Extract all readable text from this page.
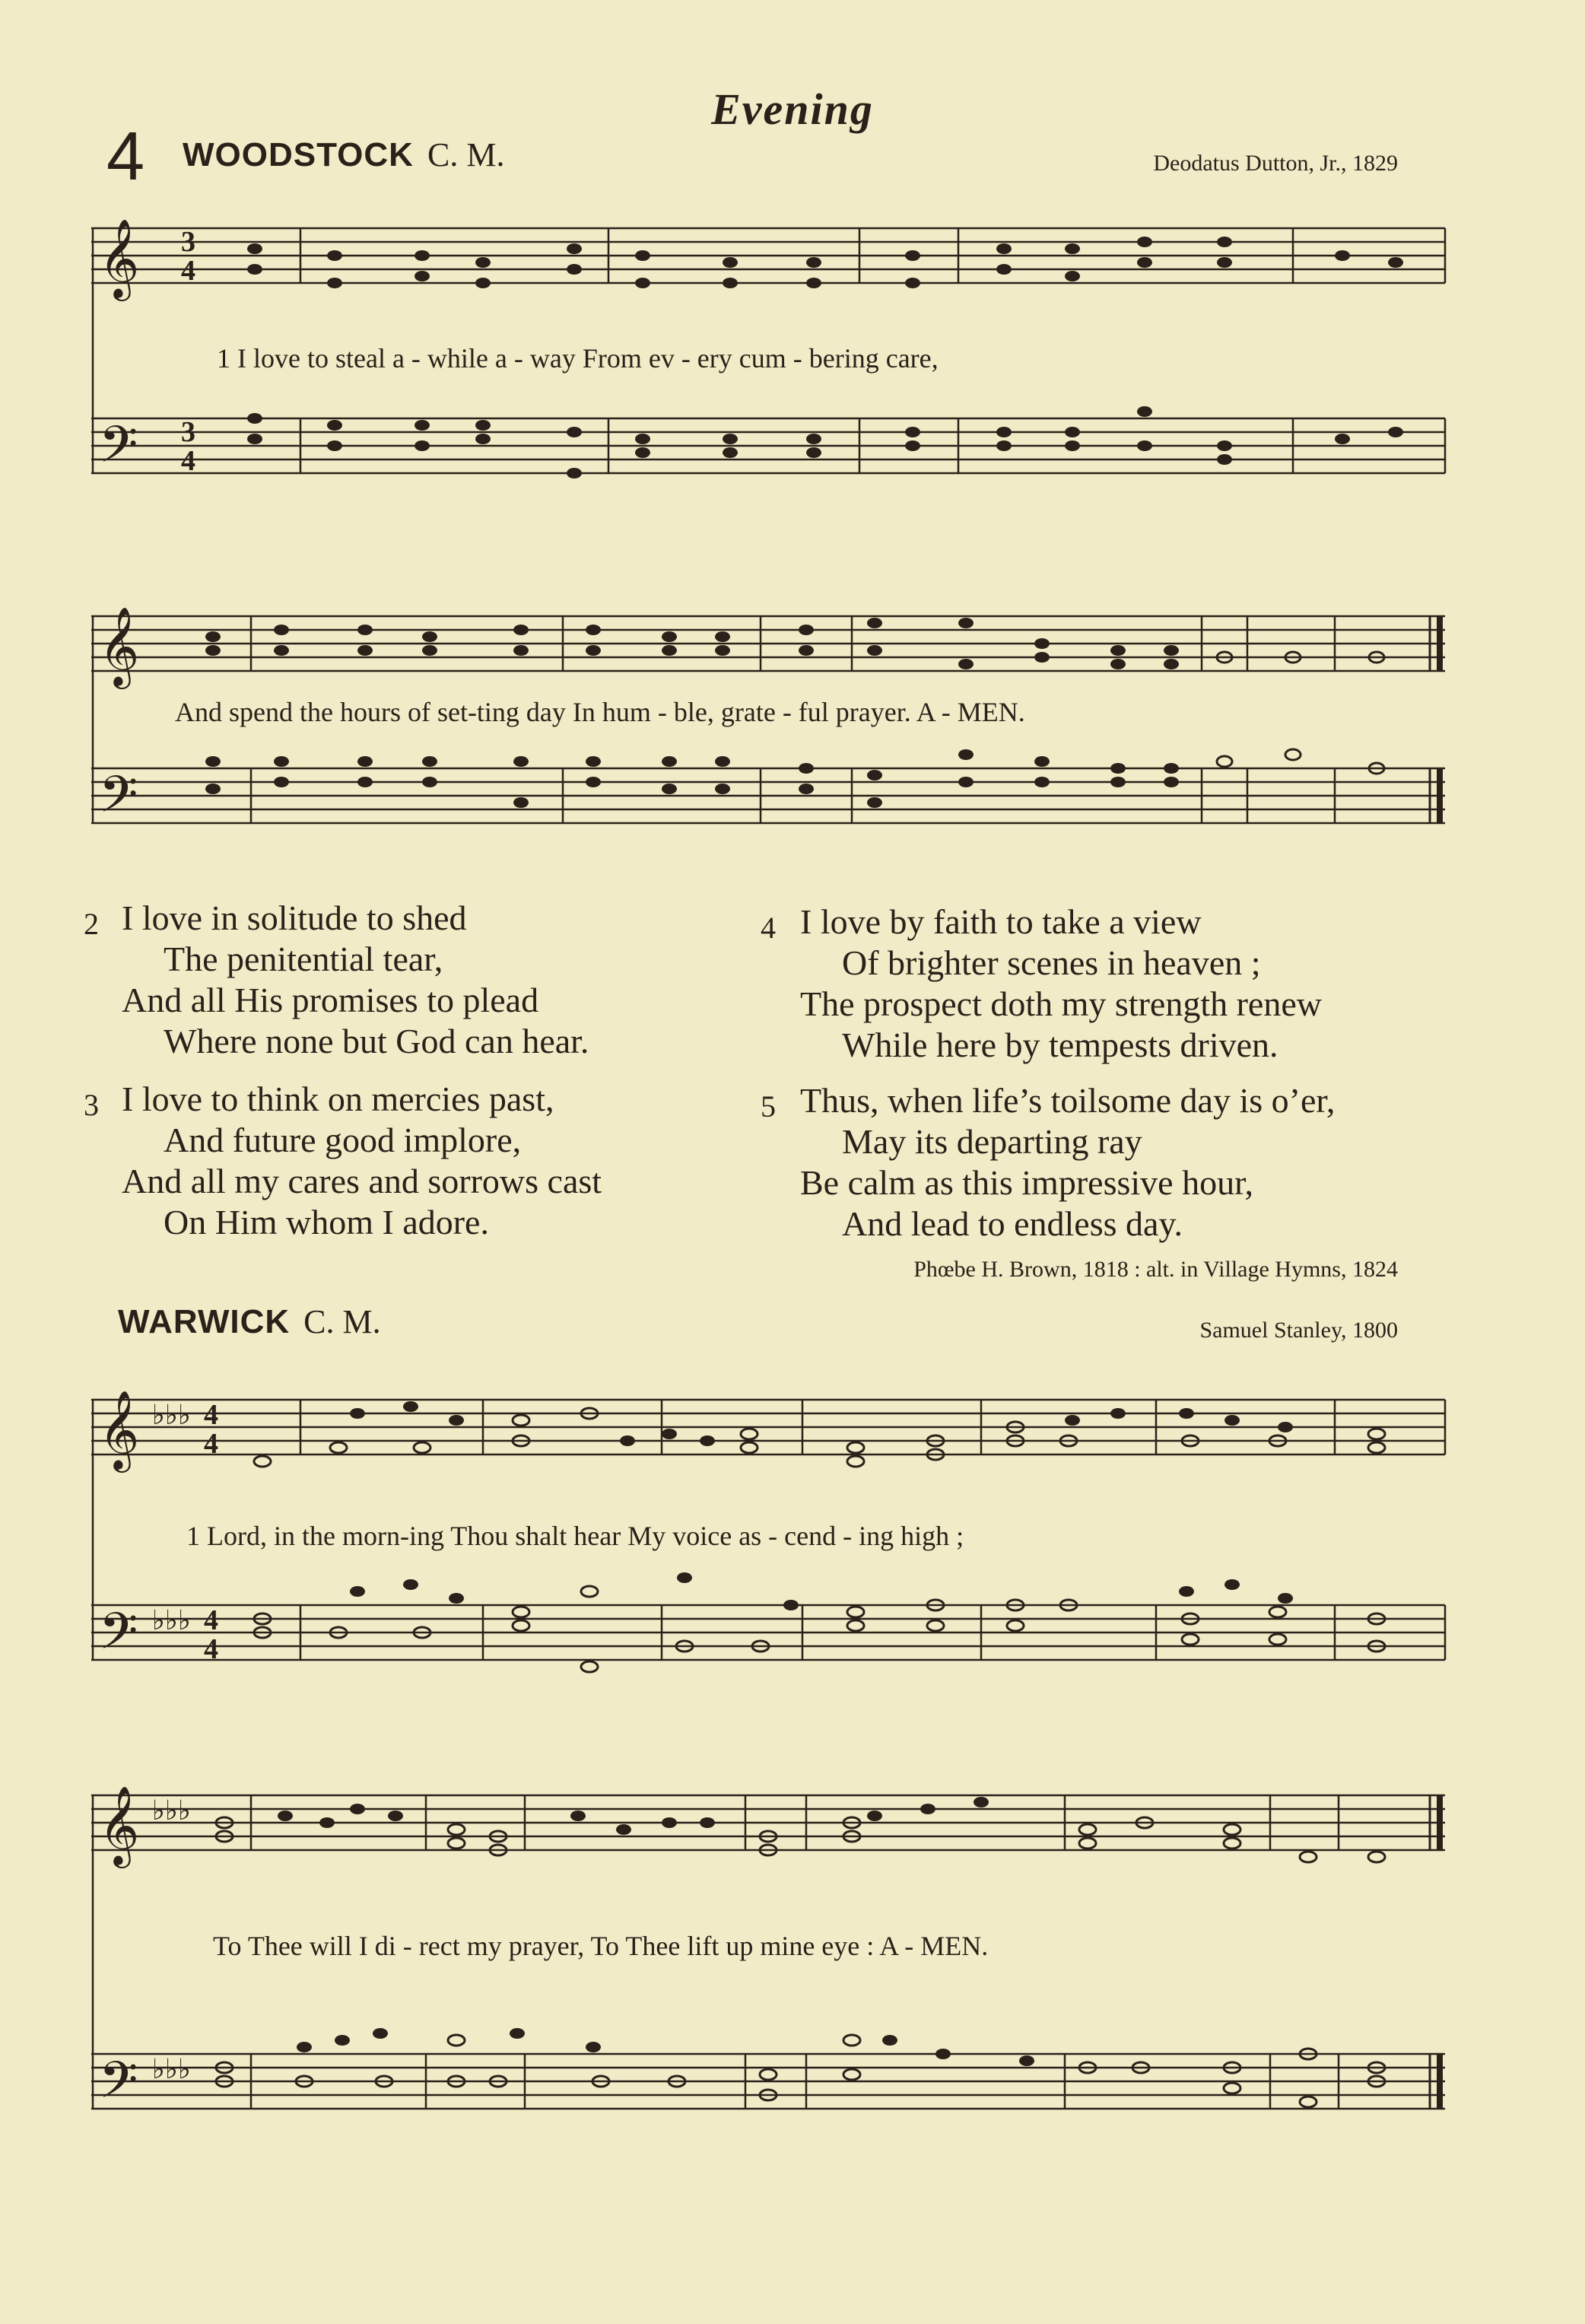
Evening
4 WOODSTOCK C. M.	Deodatus Dutton, Jr., 1829
𝄞
𝄢
3
4
3
4
1 I love to steal a - while a - way From ev - ery cum - bering care,
𝄞
𝄢
And spend the hours of set-ting day In hum - ble, grate - ful prayer. A - MEN.
2 I love in solitude to shed
The penitential tear,
And all His promises to plead
Where none but God can hear.
3 I love to think on mercies past,
And future good implore,
And all my cares and sorrows cast
On Him whom I adore.
4 I love by faith to take a view
Of brighter scenes in heaven ;
The prospect doth my strength renew
While here by tempests driven.
5 Thus, when life’s toilsome day is o’er,
May its departing ray
Be calm as this impressive hour,
And lead to endless day.
Phœbe H. Brown, 1818 : alt. in Village Hymns, 1824
WARWICK C. M.	Samuel Stanley, 1800
𝄞
𝄢
♭♭♭
♭♭♭
4
4
4
4
1 Lord, in the morn-ing Thou shalt hear My voice as - cend - ing high ;
𝄞
𝄢
♭♭♭
♭♭♭
To Thee will I di - rect my prayer, To Thee lift up mine eye : A - MEN.
